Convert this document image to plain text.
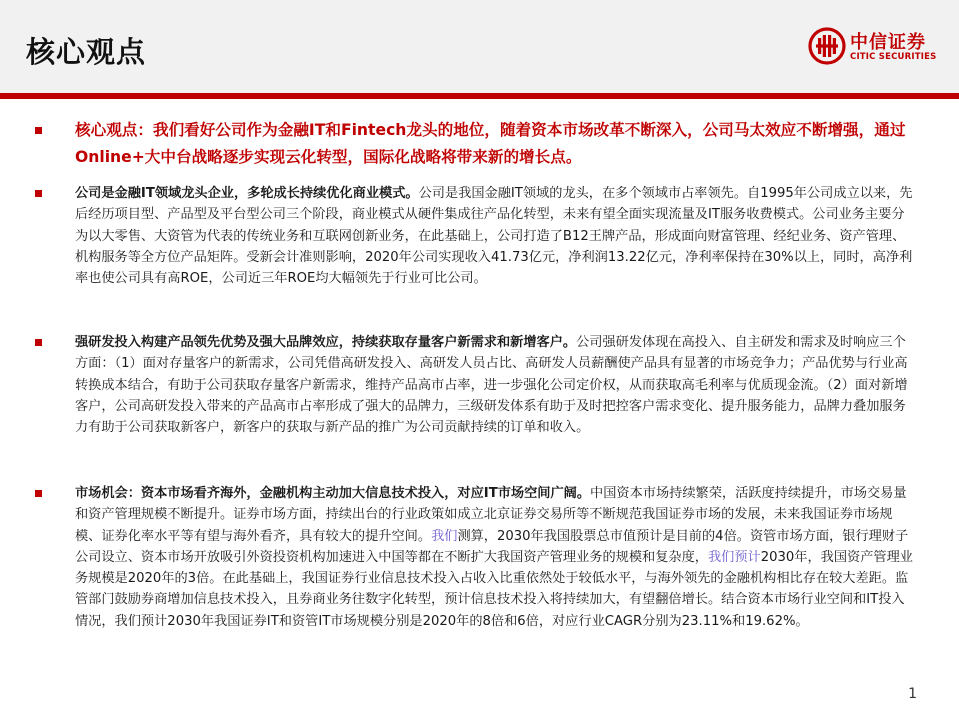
核心观点	中信证券
CITIC SECURITIES
核心观点：我们看好公司作为金融IT和Fintech龙头的地位，随着资本市场改革不断深入，公司马太效应不断增强，通过Online+大中台战略逐步实现云化转型，国际化战略将带来新的增长点。
公司是金融IT领域龙头企业，多轮成长持续优化商业模式。公司是我国金融IT领域的龙头，在多个领域市占率领先。自1995年公司成立以来，先后经历项目型、产品型及平台型公司三个阶段，商业模式从硬件集成往产品化转型，未来有望全面实现流量及IT服务收费模式。公司业务主要分为以大零售、大资管为代表的传统业务和互联网创新业务，在此基础上，公司打造了B12王牌产品，形成面向财富管理、经纪业务、资产管理、机构服务等全方位产品矩阵。受新会计准则影响，2020年公司实现收入41.73亿元，净利润13.22亿元，净利率保持在30%以上，同时，高净利率也使公司具有高ROE，公司近三年ROE均大幅领先于行业可比公司。
强研发投入构建产品领先优势及强大品牌效应，持续获取存量客户新需求和新增客户。公司强研发体现在高投入、自主研发和需求及时响应三个方面：（1）面对存量客户的新需求，公司凭借高研发投入、高研发人员占比、高研发人员薪酬使产品具有显著的市场竞争力；产品优势与行业高转换成本结合，有助于公司获取存量客户新需求，维持产品高市占率，进一步强化公司定价权，从而获取高毛利率与优质现金流。（2）面对新增客户，公司高研发投入带来的产品高市占率形成了强大的品牌力，三级研发体系有助于及时把控客户需求变化、提升服务能力，品牌力叠加服务力有助于公司获取新客户，新客户的获取与新产品的推广为公司贡献持续的订单和收入。
市场机会：资本市场看齐海外，金融机构主动加大信息技术投入，对应IT市场空间广阔。中国资本市场持续繁荣，活跃度持续提升，市场交易量和资产管理规模不断提升。证券市场方面，持续出台的行业政策如成立北京证券交易所等不断规范我国证券市场的发展，未来我国证券市场规模、证券化率水平等有望与海外看齐，具有较大的提升空间。我们测算，2030年我国股票总市值预计是目前的4倍。资管市场方面，银行理财子公司设立、资本市场开放吸引外资投资机构加速进入中国等都在不断扩大我国资产管理业务的规模和复杂度，我们预计2030年，我国资产管理业务规模是2020年的3倍。在此基础上，我国证券行业信息技术投入占收入比重依然处于较低水平，与海外领先的金融机构相比存在较大差距。监管部门鼓励券商增加信息技术投入，且券商业务往数字化转型，预计信息技术投入将持续加大，有望翻倍增长。结合资本市场行业空间和IT投入情况，我们预计2030年我国证券IT和资管IT市场规模分别是2020年的8倍和6倍，对应行业CAGR分别为23.11%和19.62%。
1
